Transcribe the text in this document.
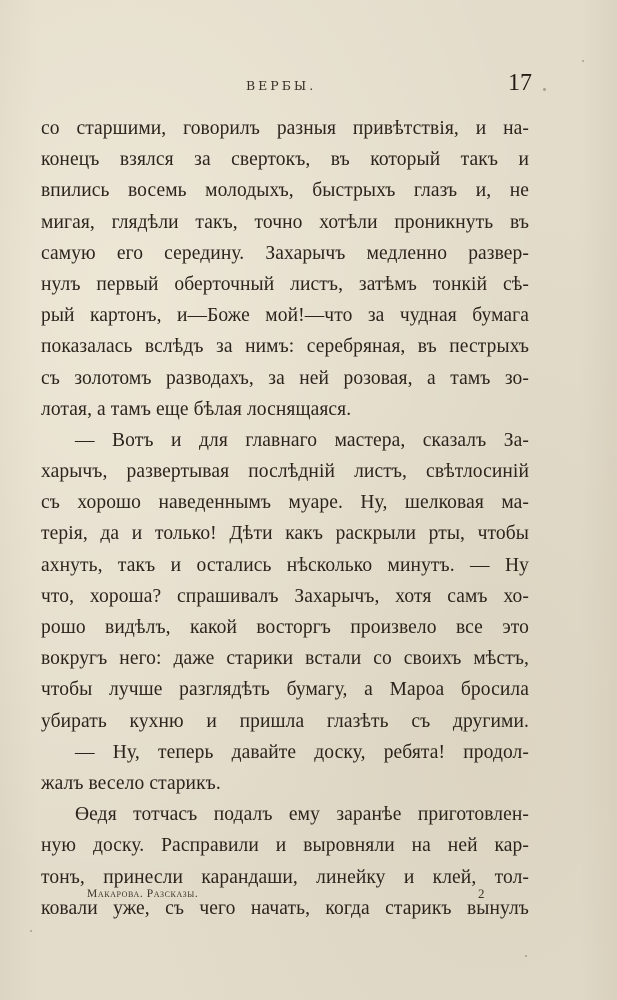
ВЕРБЫ.	17
со старшими, говорилъ разныя привѣтствія, и на-
конецъ взялся за свертокъ, въ который такъ и
впились восемь молодыхъ, быстрыхъ глазъ и, не
мигая, глядѣли такъ, точно хотѣли проникнуть въ
самую его середину. Захарычъ медленно развер-
нулъ первый оберточный листъ, затѣмъ тонкій сѣ-
рый картонъ, и—Боже мой!—что за чудная бумага
показалась вслѣдъ за нимъ: серебряная, въ пестрыхъ
съ золотомъ разводахъ, за ней розовая, а тамъ зо-
лотая, а тамъ еще бѣлая лоснящаяся.
— Вотъ и для главнаго мастера, сказалъ За-
харычъ, развертывая послѣдній листъ, свѣтлосиній
съ хорошо наведеннымъ муаре. Ну, шелковая ма-
терія, да и только! Дѣти какъ раскрыли рты, чтобы
ахнуть, такъ и остались нѣсколько минутъ. — Ну
что, хороша? спрашивалъ Захарычъ, хотя самъ хо-
рошо видѣлъ, какой восторгъ произвело все это
вокругъ него: даже старики встали со своихъ мѣстъ,
чтобы лучше разглядѣть бумагу, а Мароа бросила
убирать кухню и пришла глазѣть съ другими.
— Ну, теперь давайте доску, ребята! продол-
жалъ весело старикъ.
Өедя тотчасъ подалъ ему заранѣе приготовлен-
ную доску. Расправили и выровняли на ней кар-
тонъ, принесли карандаши, линейку и клей, тол-
ковали уже, съ чего начать, когда старикъ вынулъ
Макарова. Разсказы.	2
